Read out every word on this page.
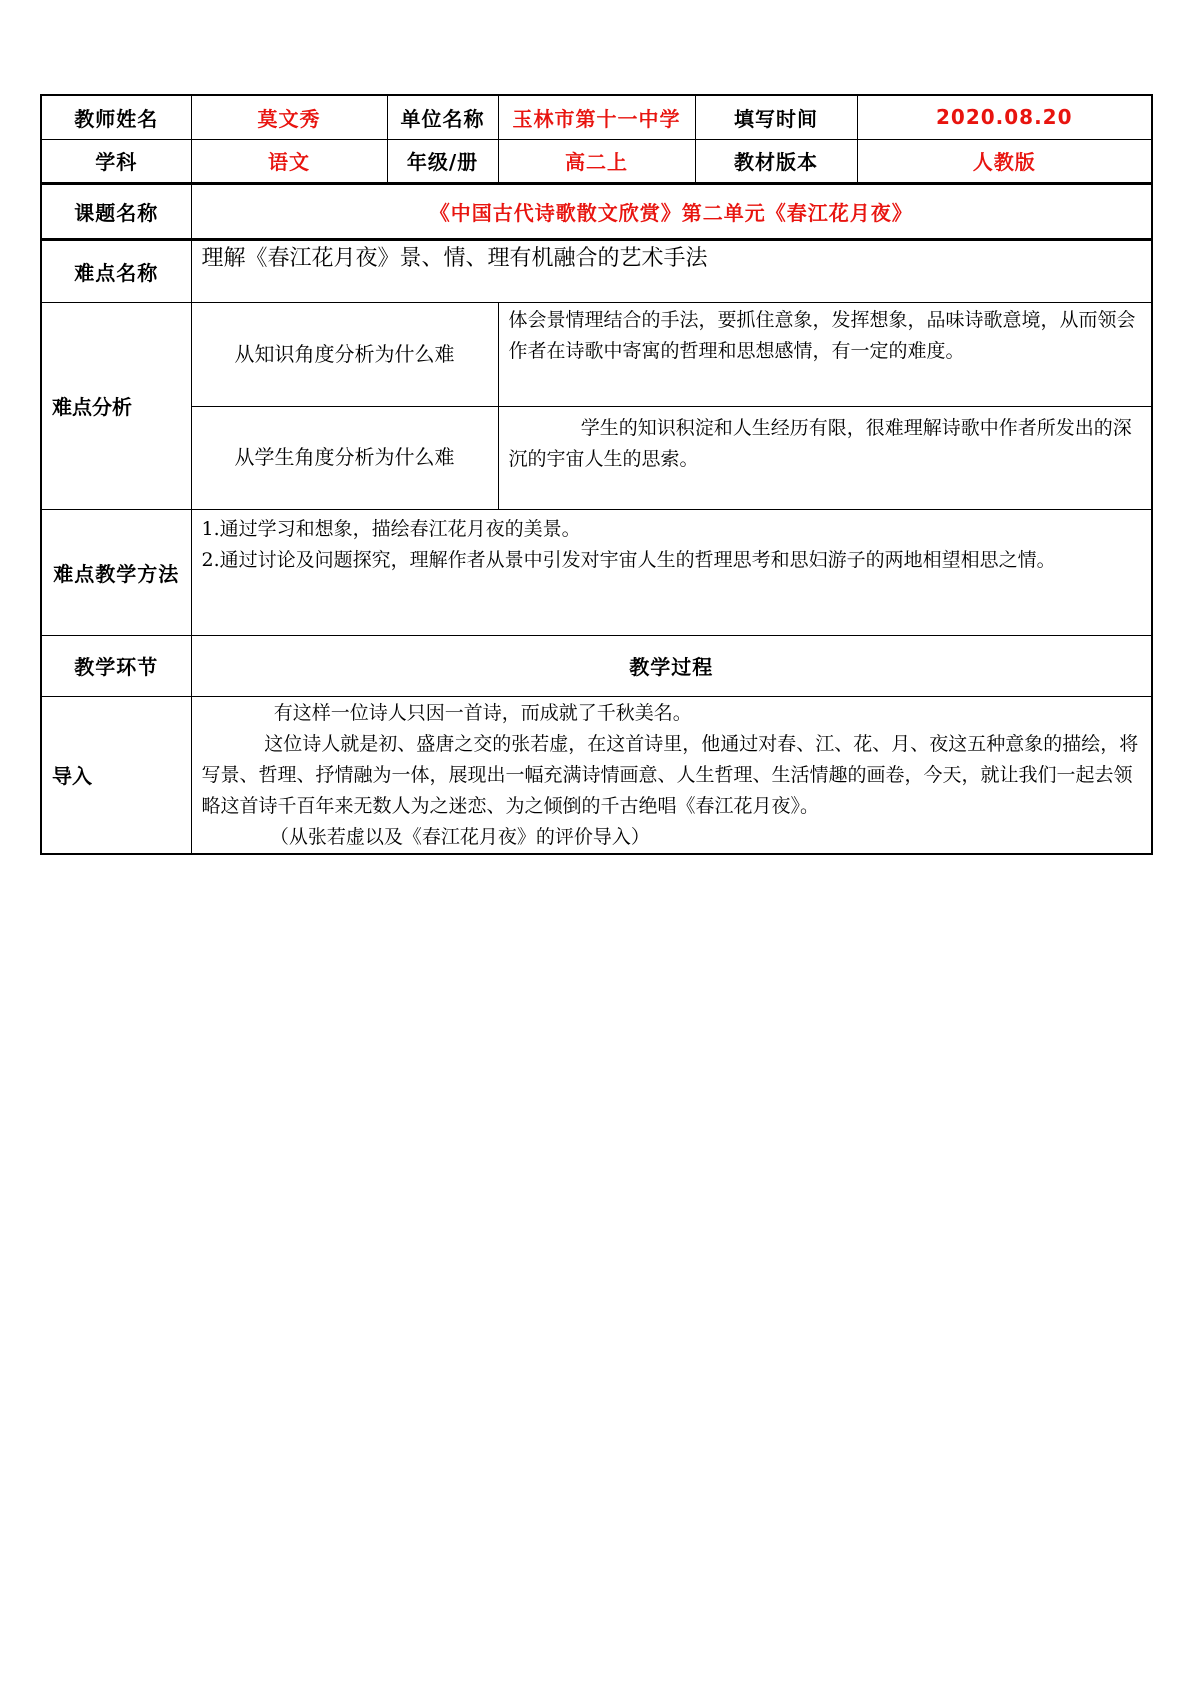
教师姓名	莫文秀	单位名称	玉林市第十一中学	填写时间	2020.08.20
学科	语文	年级/册	高二上	教材版本	人教版
课题名称	《中国古代诗歌散文欣赏》第二单元《春江花月夜》				
难点名称	理解《春江花月夜》景、情、理有机融合的艺术手法				
难点分析	从知识角度分析为什么难		体会景情理结合的手法，要抓住意象，发挥想象，品味诗歌意境，从而领会作者在诗歌中寄寓的哲理和思想感情，有一定的难度。		
	从学生角度分析为什么难		学生的知识积淀和人生经历有限，很难理解诗歌中作者所发出的深沉的宇宙人生的思索。		
难点教学方法	1.通过学习和想象，描绘春江花月夜的美景。

2.通过讨论及问题探究，理解作者从景中引发对宇宙人生的哲理思考和思妇游子的两地相望相思之情。				

教学环节	教学过程				
导入	有这样一位诗人只因一首诗，而成就了千秋美名。

这位诗人就是初、盛唐之交的张若虚，在这首诗里，他通过对春、江、花、月、夜这五种意象的描绘，将写景、哲理、抒情融为一体，展现出一幅充满诗情画意、人生哲理、生活情趣的画卷，今天，就让我们一起去领略这首诗千百年来无数人为之迷恋、为之倾倒的千古绝唱《春江花月夜》。

（从张若虚以及《春江花月夜》的评价导入）				
